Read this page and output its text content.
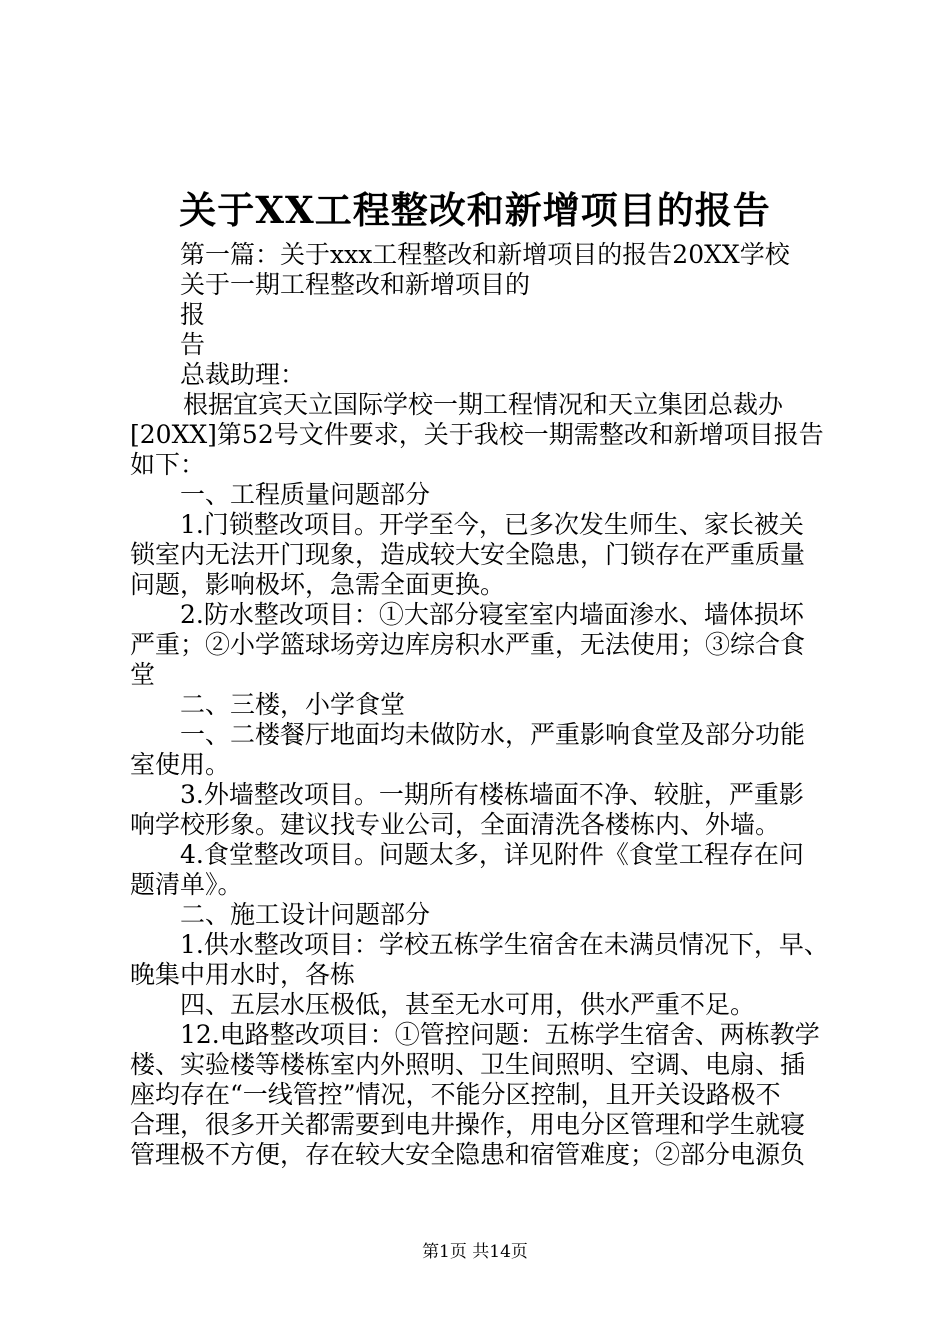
关于XX工程整改和新增项目的报告

第一篇：关于xxx工程整改和新增项目的报告20XX学校

关于一期工程整改和新增项目的

报

告

总裁助理：

根据宜宾天立国际学校一期工程情况和天立集团总裁办

[20XX]第52号文件要求，关于我校一期需整改和新增项目报告

如下：

一、工程质量问题部分

1.门锁整改项目。开学至今，已多次发生师生、家长被关

锁室内无法开门现象，造成较大安全隐患，门锁存在严重质量

问题，影响极坏，急需全面更换。

2.防水整改项目：①大部分寝室室内墙面渗水、墙体损坏

严重；②小学篮球场旁边库房积水严重，无法使用；③综合食

堂

二、三楼，小学食堂

一、二楼餐厅地面均未做防水，严重影响食堂及部分功能

室使用。

3.外墙整改项目。一期所有楼栋墙面不净、较脏，严重影

响学校形象。建议找专业公司，全面清洗各楼栋内、外墙。

4.食堂整改项目。问题太多，详见附件《食堂工程存在问

题清单》。

二、施工设计问题部分

1.供水整改项目：学校五栋学生宿舍在未满员情况下，早、

晚集中用水时，各栋

四、五层水压极低，甚至无水可用，供水严重不足。

12.电路整改项目：①管控问题：五栋学生宿舍、两栋教学

楼、实验楼等楼栋室内外照明、卫生间照明、空调、电扇、插

座均存在“一线管控”情况，不能分区控制，且开关设路极不

合理，很多开关都需要到电井操作，用电分区管理和学生就寝

管理极不方便，存在较大安全隐患和宿管难度；②部分电源负

第1页 共14页
